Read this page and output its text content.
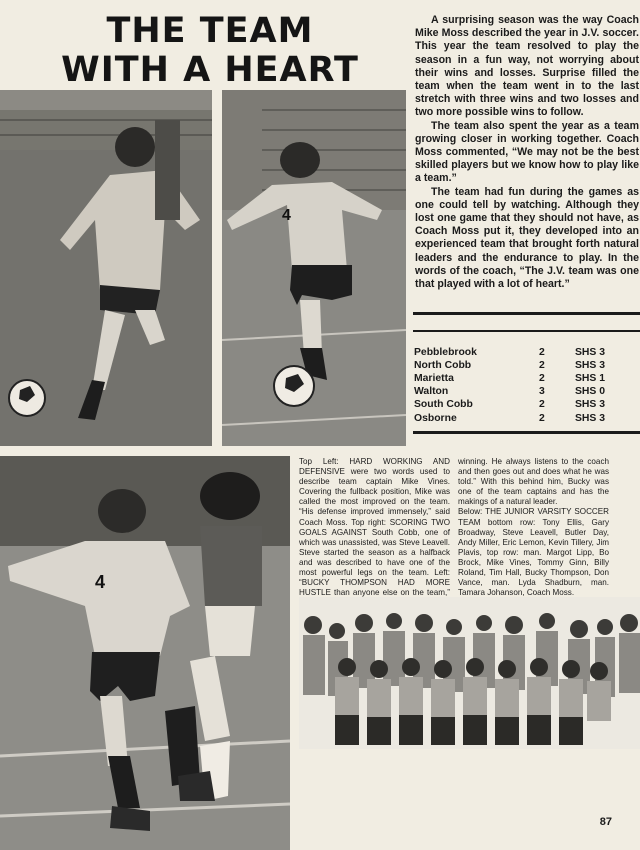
THE TEAM
WITH A HEART

A surprising season was the way Coach Mike Moss described the year in J.V. soccer. This year the team resolved to play the season in a fun way, not worrying about their wins and losses. Surprise filled the team when the team went in to the last stretch with three wins and two losses and two more possible wins to follow.

The team also spent the year as a team growing closer in working together. Coach Moss commented, “We may not be the best skilled players but we know how to play like a team.”

The team had fun during the games as one could tell by watching. Although they lost one game that they should not have, as Coach Moss put it, they developed into an experienced team that brought forth natural leaders and the endurance to play. In the words of the coach, “The J.V. team was one that played with a lot of heart.”

4
Pebblebrook	2	SHS 3
North Cobb	2	SHS 3
Marietta	2	SHS 1
Walton	3	SHS 0
South Cobb	2	SHS 3
Osborne	2	SHS 3
4

Top Left: HARD WORKING AND DEFENSIVE were two words used to describe team captain Mike Vines. Covering the fullback position, Mike was called the most improved on the team. “His defense improved immensely,” said Coach Moss. Top right: SCORING TWO GOALS AGAINST South Cobb, one of which was unassisted, was Steve Leavell. Steve started the season as a halfback and was described to have one of the most powerful legs on the team. Left: “BUCKY THOMPSON HAD MORE HUSTLE than anyone else on the team,”

winning. He always listens to the coach and then goes out and does what he was told.” With this behind him, Bucky was one of the team captains and has the makings of a natural leader.

Below: THE JUNIOR VARSITY SOCCER TEAM bottom row: Tony Ellis, Gary Broadway, Steve Leavell, Butler Day, Andy Miller, Eric Lemon, Kevin Tillery, Jim Plavis, top row: man. Margot Lipp, Bo Brock, Mike Vines, Tommy Ginn, Billy Roland, Tim Hall, Bucky Thompson, Don Vance, man. Lyda Shadburn, man. Tamara Johanson, Coach Moss.

87
